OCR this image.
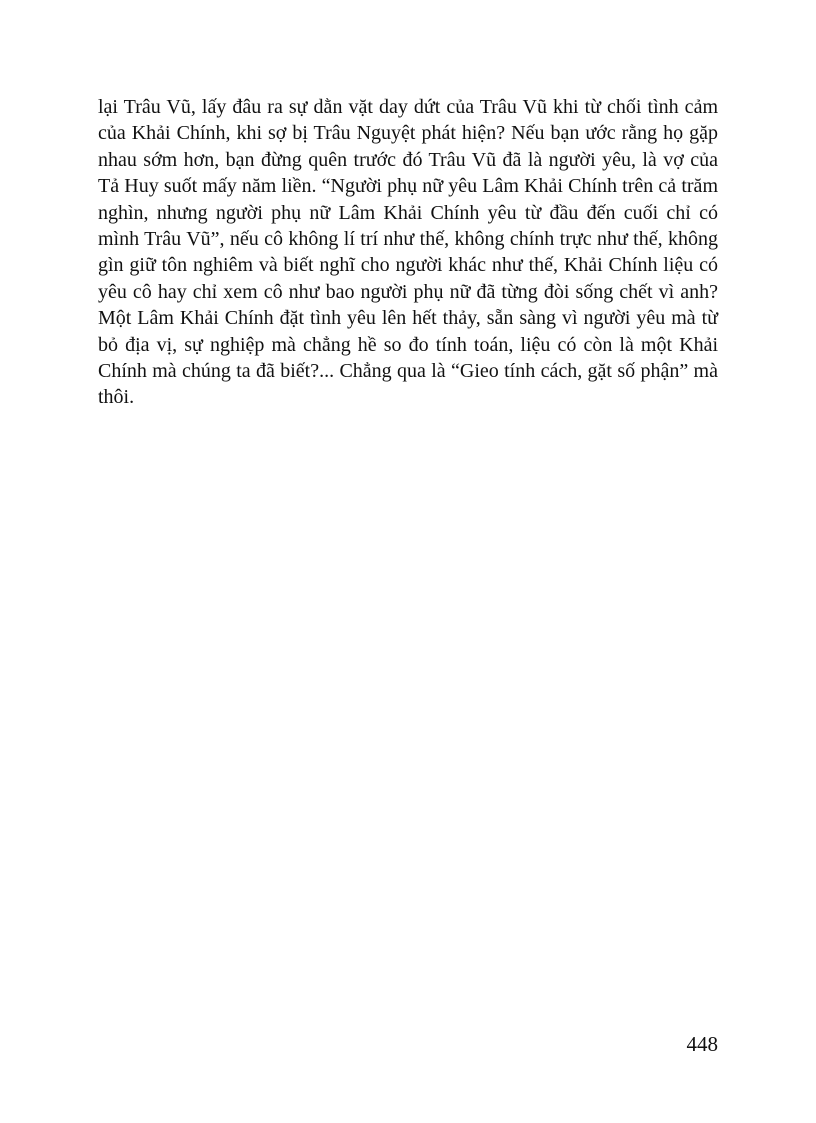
lại Trâu Vũ, lấy đâu ra sự dằn vặt day dứt của Trâu Vũ khi từ chối tình cảm của Khải Chính, khi sợ bị Trâu Nguyệt phát hiện? Nếu bạn ước rằng họ gặp nhau sớm hơn, bạn đừng quên trước đó Trâu Vũ đã là người yêu, là vợ của Tả Huy suốt mấy năm liền. “Người phụ nữ yêu Lâm Khải Chính trên cả trăm nghìn, nhưng người phụ nữ Lâm Khải Chính yêu từ đầu đến cuối chỉ có mình Trâu Vũ”, nếu cô không lí trí như thế, không chính trực như thế, không gìn giữ tôn nghiêm và biết nghĩ cho người khác như thế, Khải Chính liệu có yêu cô hay chỉ xem cô như bao người phụ nữ đã từng đòi sống chết vì anh? Một Lâm Khải Chính đặt tình yêu lên hết thảy, sẵn sàng vì người yêu mà từ bỏ địa vị, sự nghiệp mà chẳng hề so đo tính toán, liệu có còn là một Khải Chính mà chúng ta đã biết?... Chẳng qua là “Gieo tính cách, gặt số phận” mà thôi.

448
